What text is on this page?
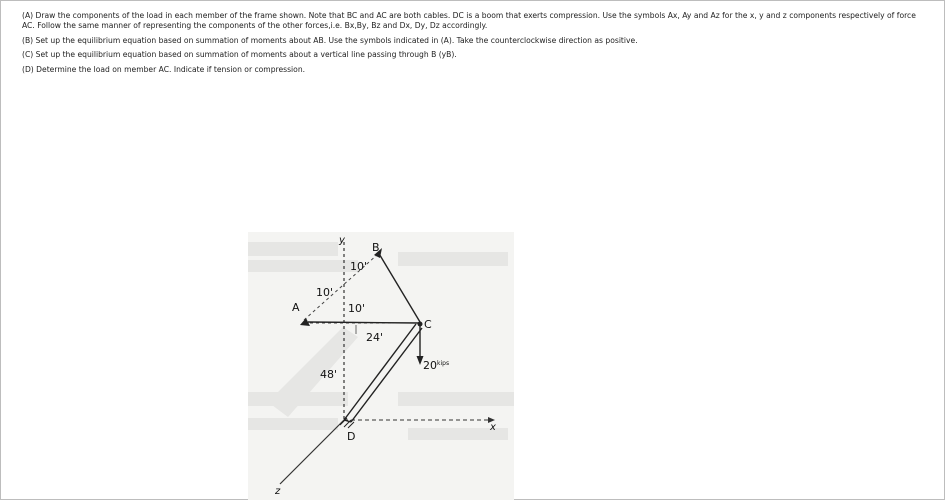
(A) Draw the components of the load in each member of the frame shown. Note that BC and AC are both cables. DC is a boom that exerts compression. Use the symbols Ax, Ay and Az for the x, y and z components respectively of force AC. Follow the same manner of representing the components of the other forces,i.e. Bx,By, Bz and Dx, Dy, Dz accordingly.

(B) Set up the equilibrium equation based on summation of moments about AB. Use the symbols indicated in (A). Take the counterclockwise direction as positive.

(C) Set up the equilibrium equation based on summation of moments about a vertical line passing through B (yB).

(D) Determine the load on member AC. Indicate if tension or compression.

y
x
z
B
A
C
D
10'
10'
10'
24'
48'
$20^{kips}$
